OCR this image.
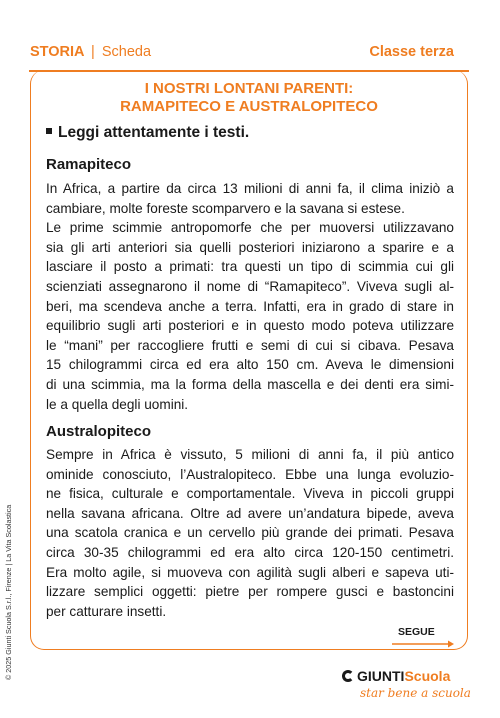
STORIA | Scheda	Classe terza
I NOSTRI LONTANI PARENTI:
RAMAPITECO E AUSTRALOPITECO
Leggi attentamente i testi.
Ramapiteco
In Africa, a partire da circa 13 milioni di anni fa, il clima iniziò a
cambiare, molte foreste scomparvero e la savana si estese.
Le prime scimmie antropomorfe che per muoversi utilizzavano
sia gli arti anteriori sia quelli posteriori iniziarono a sparire e a
lasciare il posto a primati: tra questi un tipo di scimmia cui gli
scienziati assegnarono il nome di “Ramapiteco”. Viveva sugli al-
beri, ma scendeva anche a terra. Infatti, era in grado di stare in
equilibrio sugli arti posteriori e in questo modo poteva utilizzare
le “mani” per raccogliere frutti e semi di cui si cibava. Pesava
15 chilogrammi circa ed era alto 150 cm. Aveva le dimensioni
di una scimmia, ma la forma della mascella e dei denti era simi-
le a quella degli uomini.
Australopiteco
Sempre in Africa è vissuto, 5 milioni di anni fa, il più antico
ominide conosciuto, l’Australopiteco. Ebbe una lunga evoluzio-
ne fisica, culturale e comportamentale. Viveva in piccoli gruppi
nella savana africana. Oltre ad avere un’andatura bipede, aveva
una scatola cranica e un cervello più grande dei primati. Pesava
circa 30-35 chilogrammi ed era alto circa 120-150 centimetri.
Era molto agile, si muoveva con agilità sugli alberi e sapeva uti-
lizzare semplici oggetti: pietre per rompere gusci e bastoncini
per catturare insetti.
SEGUE
© 2025 Giunti Scuola S.r.l., Firenze | La Vita Scolastica	GIUNTIScuola
star bene a scuola
